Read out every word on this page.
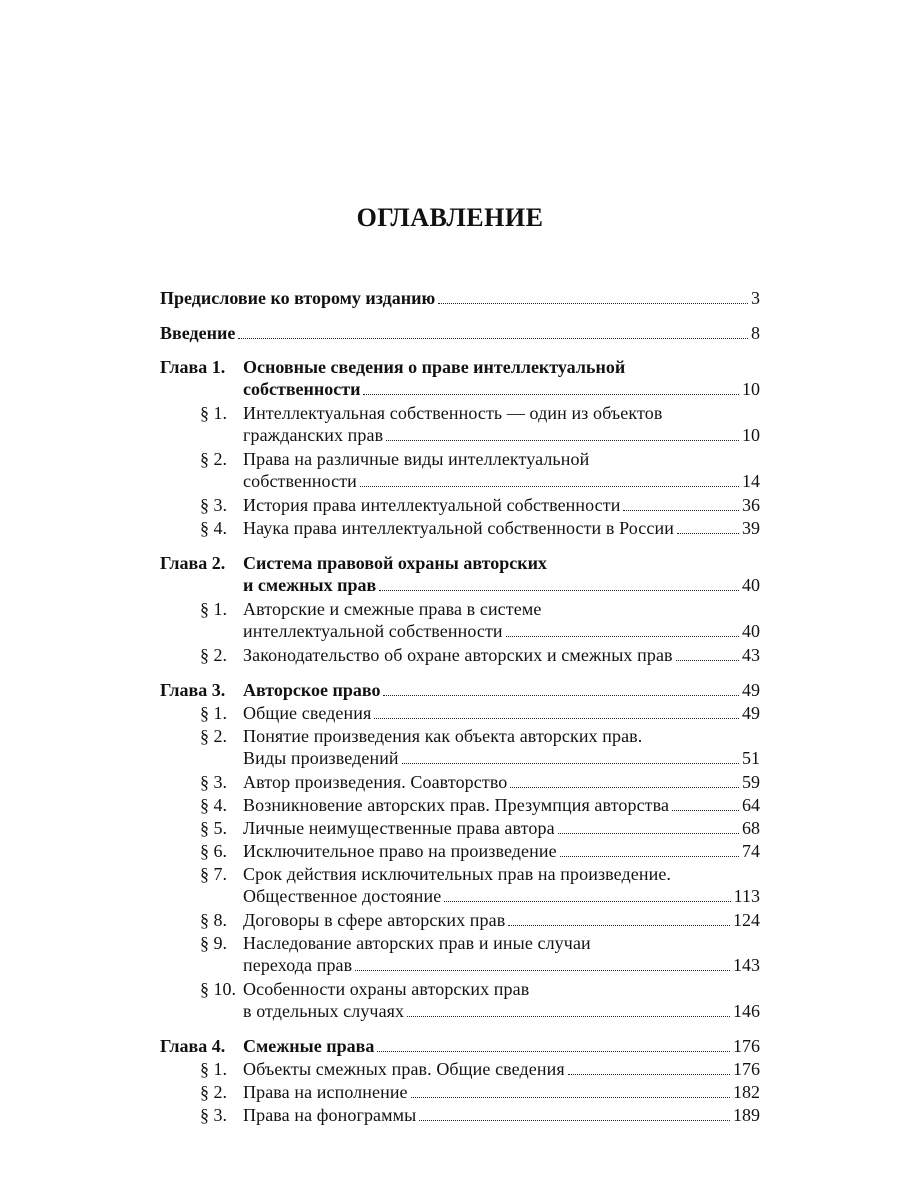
ОГЛАВЛЕНИЕ
Предисловие ко второму изданию	3
Введение	8
Глава 1. Основные сведения о праве интеллектуальной
собственности	10
§ 1. Интеллектуальная собственность — один из объектов
гражданских прав	10
§ 2. Права на различные виды интеллектуальной
собственности	14
§ 3. История права интеллектуальной собственности	36
§ 4. Наука права интеллектуальной собственности в России	39
Глава 2. Система правовой охраны авторских
и смежных прав	40
§ 1. Авторские и смежные права в системе
интеллектуальной собственности	40
§ 2. Законодательство об охране авторских и смежных прав	43
Глава 3. Авторское право	49
§ 1. Общие сведения	49
§ 2. Понятие произведения как объекта авторских прав.
Виды произведений	51
§ 3. Автор произведения. Соавторство	59
§ 4. Возникновение авторских прав. Презумпция авторства	64
§ 5. Личные неимущественные права автора	68
§ 6. Исключительное право на произведение	74
§ 7. Срок действия исключительных прав на произведение.
Общественное достояние	113
§ 8. Договоры в сфере авторских прав	124
§ 9. Наследование авторских прав и иные случаи
перехода прав	143
§ 10. Особенности охраны авторских прав
в отдельных случаях	146
Глава 4. Смежные права	176
§ 1. Объекты смежных прав. Общие сведения	176
§ 2. Права на исполнение	182
§ 3. Права на фонограммы	189
